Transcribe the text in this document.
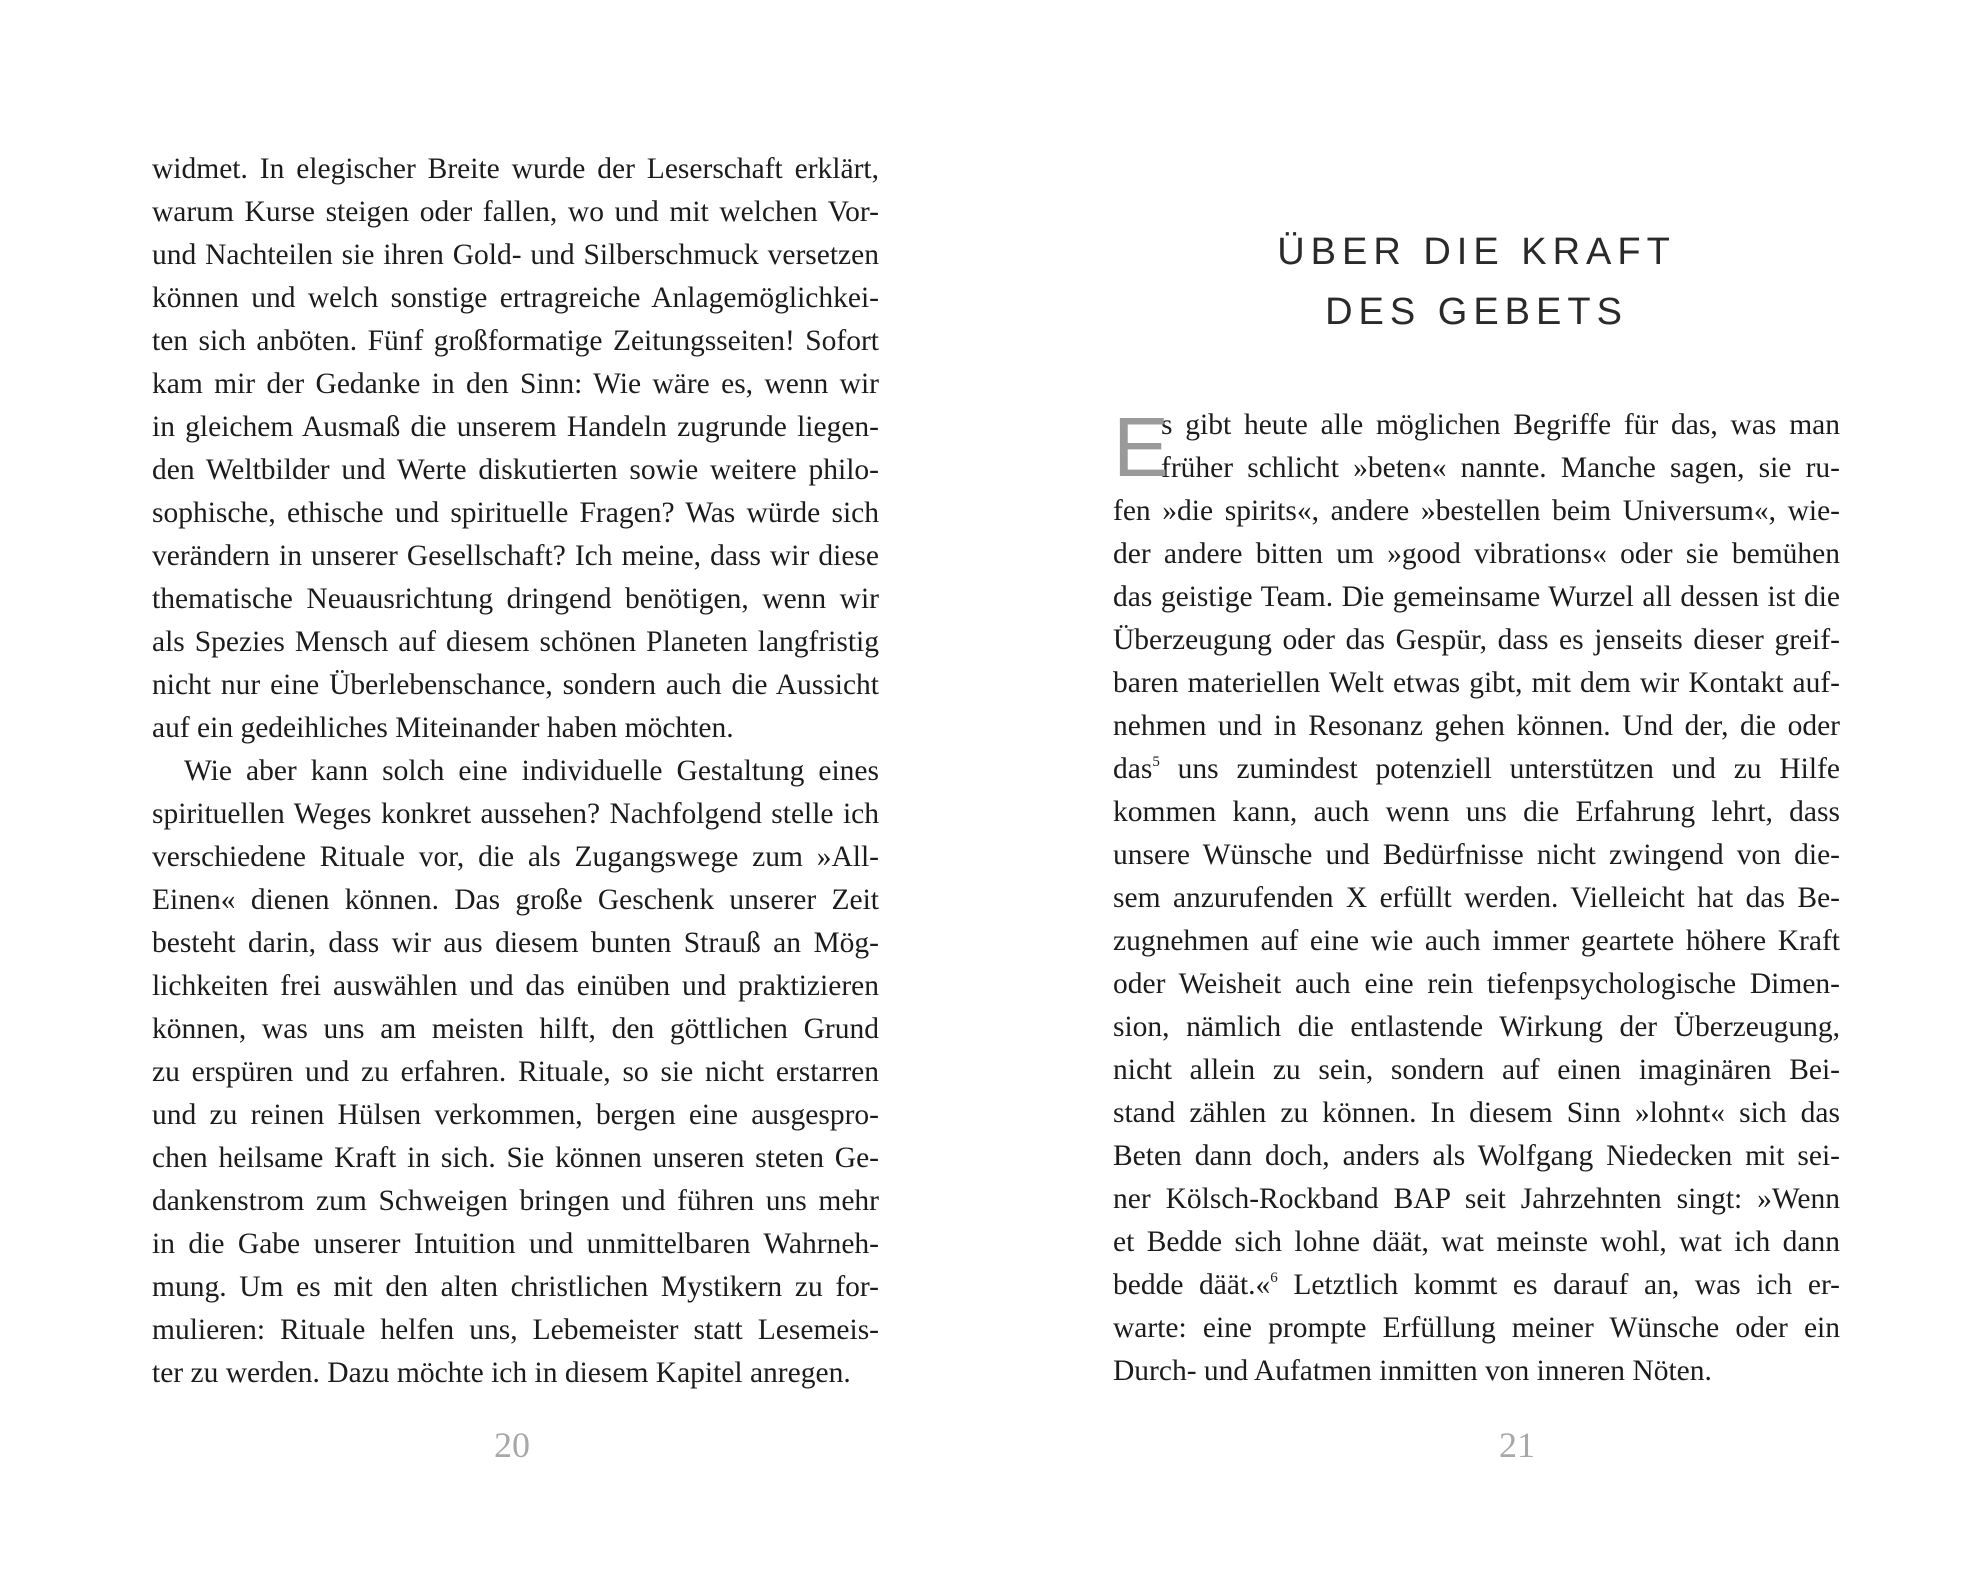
widmet. In elegischer Breite wurde der Leserschaft erklärt,
warum Kurse steigen oder fallen, wo und mit welchen Vor-
und Nachteilen sie ihren Gold- und Silberschmuck versetzen
können und welch sonstige ertragreiche Anlagemöglichkei-
ten sich anböten. Fünf großformatige Zeitungsseiten! Sofort
kam mir der Gedanke in den Sinn: Wie wäre es, wenn wir
in gleichem Ausmaß die unserem Handeln zugrunde liegen-
den Weltbilder und Werte diskutierten sowie weitere philo-
sophische, ethische und spirituelle Fragen? Was würde sich
verändern in unserer Gesellschaft? Ich meine, dass wir diese
thematische Neuausrichtung dringend benötigen, wenn wir
als Spezies Mensch auf diesem schönen Planeten langfristig
nicht nur eine Überlebenschance, sondern auch die Aussicht
auf ein gedeihliches Miteinander haben möchten.
Wie aber kann solch eine individuelle Gestaltung eines
spirituellen Weges konkret aussehen? Nachfolgend stelle ich
verschiedene Rituale vor, die als Zugangswege zum »All-
Einen« dienen können. Das große Geschenk unserer Zeit
besteht darin, dass wir aus diesem bunten Strauß an Mög-
lichkeiten frei auswählen und das einüben und praktizieren
können, was uns am meisten hilft, den göttlichen Grund
zu erspüren und zu erfahren. Rituale, so sie nicht erstarren
und zu reinen Hülsen verkommen, bergen eine ausgespro-
chen heilsame Kraft in sich. Sie können unseren steten Ge-
dankenstrom zum Schweigen bringen und führen uns mehr
in die Gabe unserer Intuition und unmittelbaren Wahrneh-
mung. Um es mit den alten christlichen Mystikern zu for-
mulieren: Rituale helfen uns, Lebemeister statt Lesemeis-
ter zu werden. Dazu möchte ich in diesem Kapitel anregen.
20
ÜBER DIE KRAFT
DES GEBETS
E
s gibt heute alle möglichen Begriffe für das, was man
früher schlicht »beten« nannte. Manche sagen, sie ru-
fen »die spirits«, andere »bestellen beim Universum«, wie-
der andere bitten um »good vibrations« oder sie bemühen
das geistige Team. Die gemeinsame Wurzel all dessen ist die
Überzeugung oder das Gespür, dass es jenseits dieser greif-
baren materiellen Welt etwas gibt, mit dem wir Kontakt auf-
nehmen und in Resonanz gehen können. Und der, die oder
das$^5$ uns zumindest potenziell unterstützen und zu Hilfe
kommen kann, auch wenn uns die Erfahrung lehrt, dass
unsere Wünsche und Bedürfnisse nicht zwingend von die-
sem anzurufenden X erfüllt werden. Vielleicht hat das Be-
zugnehmen auf eine wie auch immer geartete höhere Kraft
oder Weisheit auch eine rein tiefenpsychologische Dimen-
sion, nämlich die entlastende Wirkung der Überzeugung,
nicht allein zu sein, sondern auf einen imaginären Bei-
stand zählen zu können. In diesem Sinn »lohnt« sich das
Beten dann doch, anders als Wolfgang Niedecken mit sei-
ner Kölsch-Rockband BAP seit Jahrzehnten singt: »Wenn
et Bedde sich lohne däät, wat meinste wohl, wat ich dann
bedde däät.«$^6$ Letztlich kommt es darauf an, was ich er-
warte: eine prompte Erfüllung meiner Wünsche oder ein
Durch- und Aufatmen inmitten von inneren Nöten.
21
